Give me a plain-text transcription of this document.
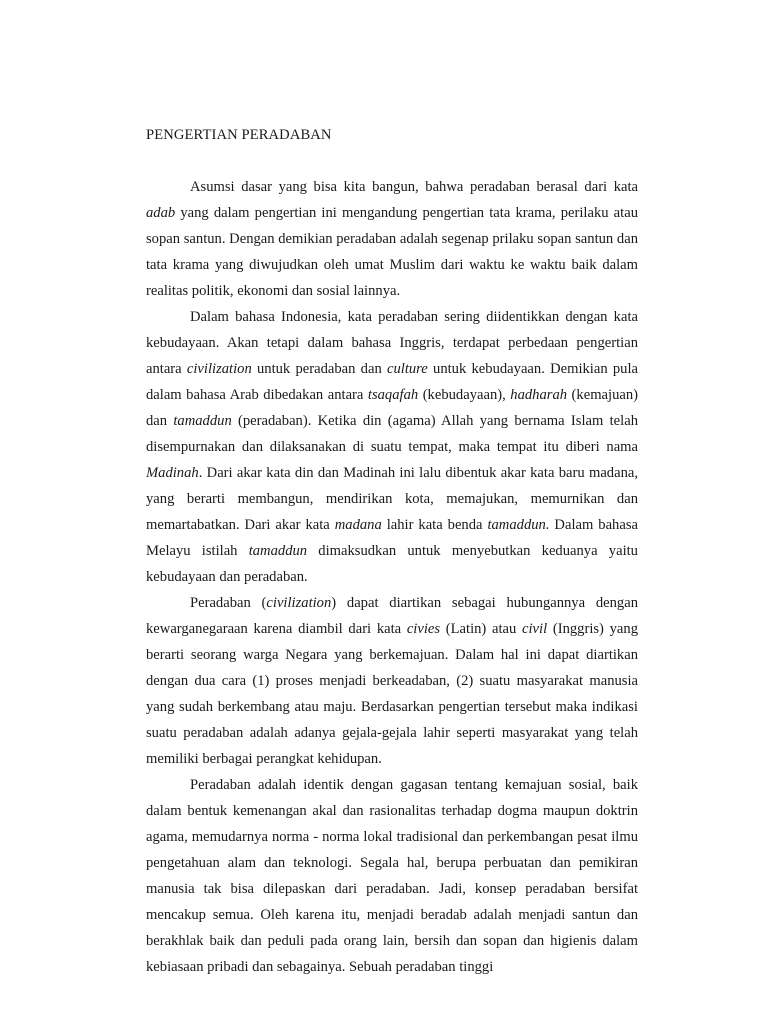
PENGERTIAN PERADABAN

Asumsi dasar yang bisa kita bangun, bahwa peradaban berasal dari kata adab yang dalam pengertian ini mengandung pengertian tata krama, perilaku atau sopan santun. Dengan demikian peradaban adalah segenap prilaku sopan santun dan tata krama yang diwujudkan oleh umat Muslim dari waktu ke waktu baik dalam realitas politik, ekonomi dan sosial lainnya.

Dalam bahasa Indonesia, kata peradaban sering diidentikkan dengan kata kebudayaan. Akan tetapi dalam bahasa Inggris, terdapat perbedaan pengertian antara civilization untuk peradaban dan culture untuk kebudayaan. Demikian pula dalam bahasa Arab dibedakan antara tsaqafah (kebudayaan), hadharah (kemajuan) dan tamaddun (peradaban). Ketika din (agama) Allah yang bernama Islam telah disempurnakan dan dilaksanakan di suatu tempat, maka tempat itu diberi nama Madinah. Dari akar kata din dan Madinah ini lalu dibentuk akar kata baru madana, yang berarti membangun, mendirikan kota, memajukan, memurnikan dan memartabatkan. Dari akar kata madana lahir kata benda tamaddun. Dalam bahasa Melayu istilah tamaddun dimaksudkan untuk menyebutkan keduanya yaitu kebudayaan dan peradaban.

Peradaban (civilization) dapat diartikan sebagai hubungannya dengan kewarganegaraan karena diambil dari kata civies (Latin) atau civil (Inggris) yang berarti seorang warga Negara yang berkemajuan. Dalam hal ini dapat diartikan dengan dua cara (1) proses menjadi berkeadaban, (2) suatu masyarakat manusia yang sudah berkembang atau maju. Berdasarkan pengertian tersebut maka indikasi suatu peradaban adalah adanya gejala-gejala lahir seperti masyarakat yang telah memiliki berbagai perangkat kehidupan.

Peradaban adalah identik dengan gagasan tentang kemajuan sosial, baik dalam bentuk kemenangan akal dan rasionalitas terhadap dogma maupun doktrin agama, memudarnya norma - norma lokal tradisional dan perkembangan pesat ilmu pengetahuan alam dan teknologi. Segala hal, berupa perbuatan dan pemikiran manusia tak bisa dilepaskan dari peradaban. Jadi, konsep peradaban bersifat mencakup semua. Oleh karena itu, menjadi beradab adalah menjadi santun dan berakhlak baik dan peduli pada orang lain, bersih dan sopan dan higienis dalam kebiasaan pribadi dan sebagainya. Sebuah peradaban tinggi
